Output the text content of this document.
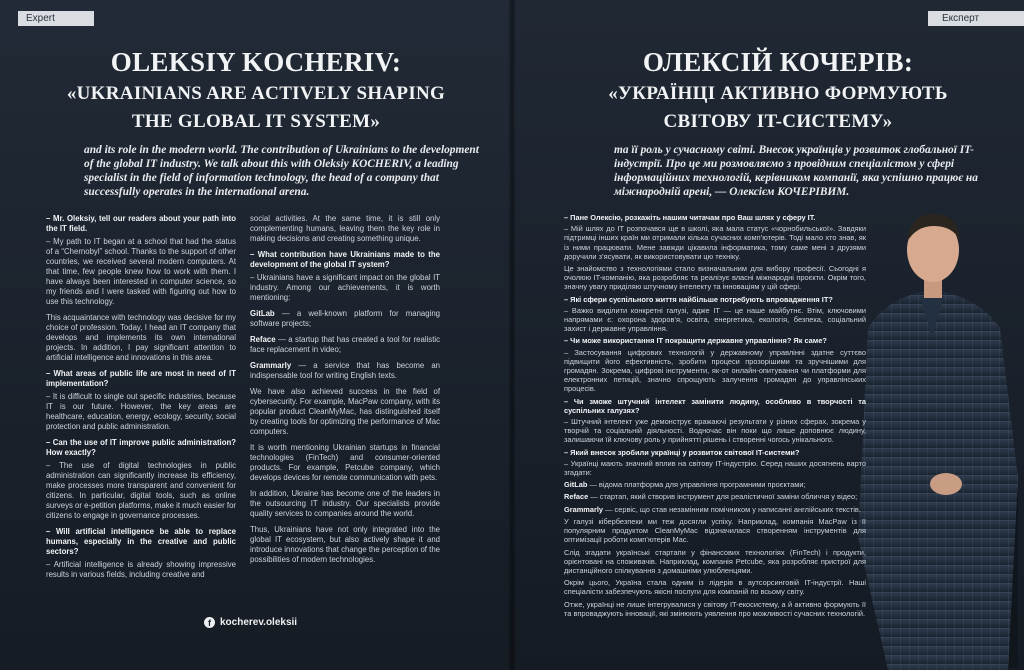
Expert
OLEKSIY KOCHERIV:
«UKRAINIANS ARE ACTIVELY SHAPING
THE GLOBAL IT SYSTEM»
and its role in the modern world. The contribution of Ukrainians to the development of the global IT industry. We talk about this with Oleksiy KOCHERIV, a leading specialist in the field of information technology, the head of a company that successfully operates in the international arena.

– Mr. Oleksiy, tell our readers about your path into the IT field.

– My path to IT began at a school that had the status of a “Chernobyl” school. Thanks to the support of other countries, we received several modern computers. At that time, few people knew how to work with them. I have always been interested in computer science, so my friends and I were tasked with figuring out how to use this technology.

This acquaintance with technology was decisive for my choice of profession. Today, I head an IT company that develops and implements its own international projects. In addition, I pay significant attention to artificial intelligence and innovations in this area.

– What areas of public life are most in need of IT implementation?

– It is difficult to single out specific industries, because IT is our future. However, the key areas are healthcare, education, energy, ecology, security, social protection and public administration.

– Can the use of IT improve public administration? How exactly?

– The use of digital technologies in public administration can significantly increase its efficiency, make processes more transparent and convenient for citizens. In particular, digital tools, such as online surveys or e-petition platforms, make it much easier for citizens to engage in governance processes.

– Will artificial intelligence be able to replace humans, especially in the creative and public sectors?

– Artificial intelligence is already showing impressive results in various fields, including creative and

social activities. At the same time, it is still only complementing humans, leaving them the key role in making decisions and creating something unique.

– What contribution have Ukrainians made to the development of the global IT system?

– Ukrainians have a significant impact on the global IT industry. Among our achievements, it is worth mentioning:

GitLab — a well-known platform for managing software projects;

Reface — a startup that has created a tool for realistic face replacement in video;

Grammarly — a service that has become an indispensable tool for writing English texts.

We have also achieved success in the field of cybersecurity. For example, MacPaw company, with its popular product CleanMyMac, has distinguished itself by creating tools for optimizing the performance of Mac computers.

It is worth mentioning Ukrainian startups in financial technologies (FinTech) and consumer-oriented products. For example, Petcube company, which develops devices for remote communication with pets.

In addition, Ukraine has become one of the leaders in the outsourcing IT industry. Our specialists provide quality services to companies around the world.

Thus, Ukrainians have not only integrated into the global IT ecosystem, but also actively shape it and introduce innovations that change the perception of the possibilities of modern technologies.

f kocherev.oleksii
Експерт
ОЛЕКСІЙ КОЧЕРІВ:
«УКРАЇНЦІ АКТИВНО ФОРМУЮТЬ
СВІТОВУ IT-СИСТЕМУ»
та її роль у сучасному світі. Внесок українців у розвиток глобальної IT-індустрії. Про це ми розмовляємо з провідним спеціалістом у сфері інформаційних технологій, керівником компанії, яка успішно працює на міжнародній арені, — Олексієм КОЧЕРІВИМ.

– Пане Олексію, розкажіть нашим читачам про Ваш шлях у сферу IT.

– Мій шлях до IT розпочався ще в школі, яка мала статус «чорнобильської». Завдяки підтримці інших країн ми отримали кілька сучасних комп’ютерів. Тоді мало хто знав, як із ними працювати. Мене завжди цікавила інформатика, тому саме мені з друзями доручили з’ясувати, як використовувати цю техніку.

Це знайомство з технологіями стало визначальним для вибору професії. Сьогодні я очолюю IT-компанію, яка розробляє та реалізує власні міжнародні проєкти. Окрім того, значну увагу приділяю штучному інтелекту та інноваціям у цій сфері.

– Які сфери суспільного життя найбільше потребують впровадження IT?

– Важко виділити конкретні галузі, адже IT — це наше майбутнє. Втім, ключовими напрямами є: охорона здоров’я, освіта, енергетика, екологія, безпека, соціальний захист і державне управління.

– Чи може використання IT покращити державне управління? Як саме?

– Застосування цифрових технологій у державному управлінні здатне суттєво підвищити його ефективність, зробити процеси прозорішими та зручнішими для громадян. Зокрема, цифрові інструменти, як-от онлайн-опитування чи платформи для електронних петицій, значно спрощують залучення громадян до управлінських процесів.

– Чи зможе штучний інтелект замінити людину, особливо в творчості та суспільних галузях?

– Штучний інтелект уже демонструє вражаючі результати у різних сферах, зокрема у творчій та соціальній діяльності. Водночас він поки що лише доповнює людину, залишаючи їй ключову роль у прийнятті рішень і створенні чогось унікального.

– Який внесок зробили українці у розвиток світової IT-системи?

– Українці мають значний вплив на світову IT-індустрію. Серед наших досягнень варто згадати:

GitLab — відома платформа для управління програмними проєктами;

Reface — стартап, який створив інструмент для реалістичної заміни обличчя у відео;

Grammarly — сервіс, що став незамінним помічником у написанні англійських текстів.

У галузі кібербезпеки ми теж досягли успіху. Наприклад, компанія MacPaw із її популярним продуктом CleanMyMac відзначилася створенням інструментів для оптимізації роботи комп’ютерів Mac.

Слід згадати українські стартапи у фінансових технологіях (FinTech) і продукти, орієнтовані на споживачів. Наприклад, компанія Petcube, яка розробляє пристрої для дистанційного спілкування з домашніми улюбленцями.

Окрім цього, Україна стала одним із лідерів в аутсорсинговій IT-індустрії. Наші спеціалісти забезпечують якісні послуги для компаній по всьому світу.

Отже, українці не лише інтегрувалися у світову IT-екосистему, а й активно формують її та впроваджують інновації, які змінюють уявлення про можливості сучасних технологій.
